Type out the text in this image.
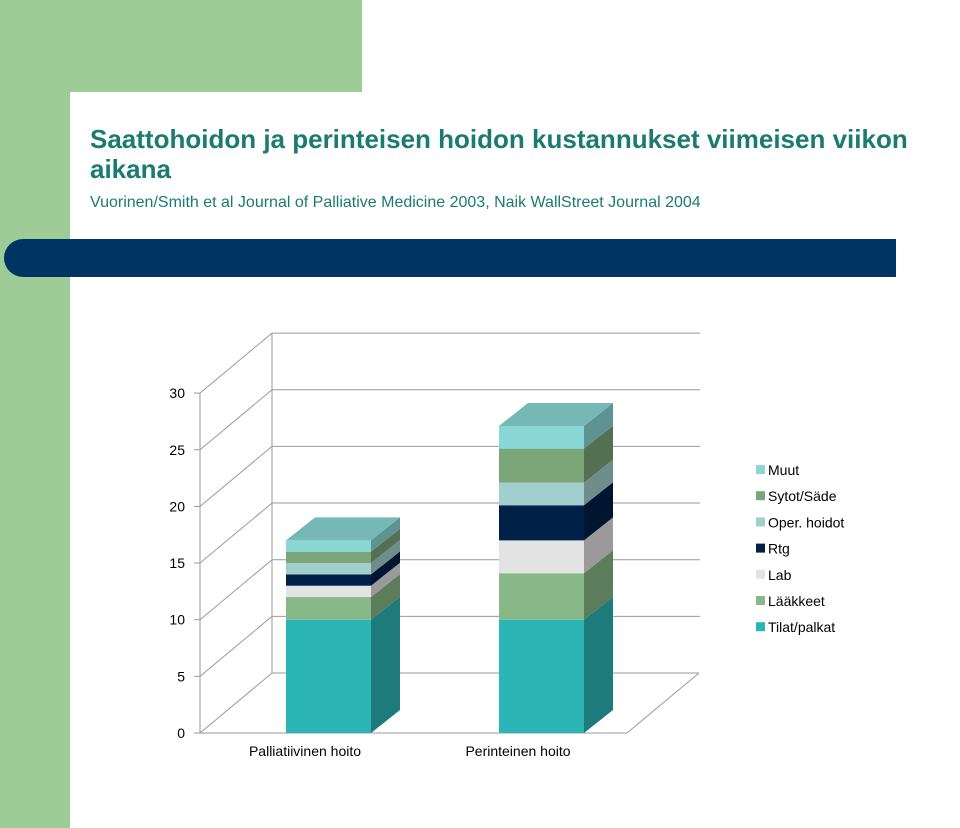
Saattohoidon ja perinteisen hoidon kustannukset viimeisen viikon aikana

Vuorinen/Smith et al Journal of Palliative Medicine 2003, Naik WallStreet Journal 2004

0
5
10
15
20
25
30
Palliatiivinen hoito	Perinteinen hoito
Muut
Sytot/Säde
Oper. hoidot
Rtg
Lab
Lääkkeet
Tilat/palkat
